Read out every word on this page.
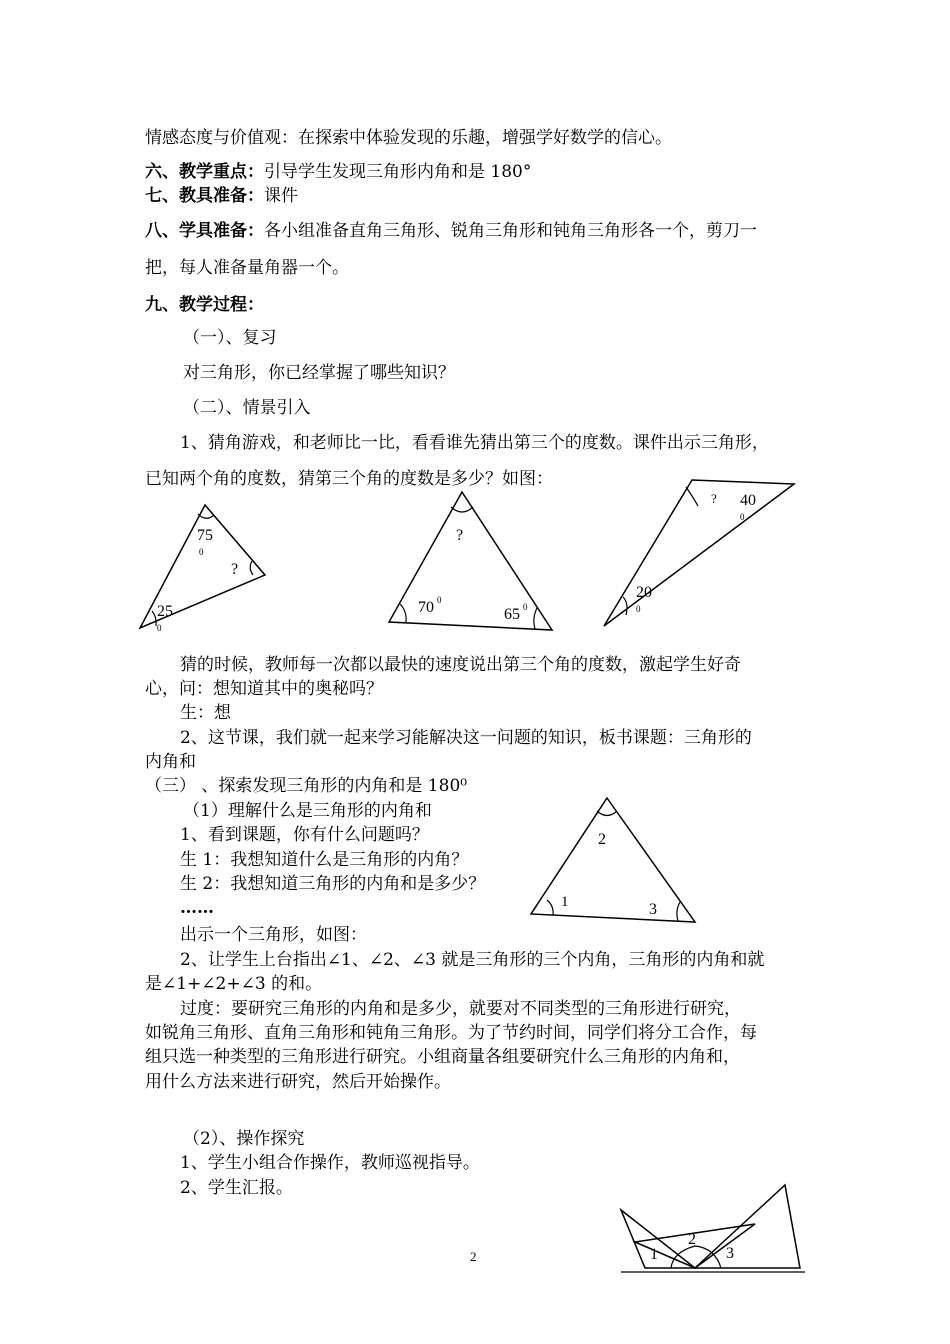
情感态度与价值观：在探索中体验发现的乐趣，增强学好数学的信心。
六、教学重点：引导学生发现三角形内角和是 180°
七、教具准备：课件
八、学具准备：各小组准备直角三角形、锐角三角形和钝角三角形各一个，剪刀一
把，每人准备量角器一个。
九、教学过程：
（一）、复习
对三角形，你已经掌握了哪些知识？
（二）、情景引入
1、猜角游戏，和老师比一比，看看谁先猜出第三个的度数。课件出示三角形，
已知两个角的度数，猜第三个角的度数是多少？如图：
75
0
?
25
0
?
70 0
65 0
? 40
0
20
0
猜的时候，教师每一次都以最快的速度说出第三个角的度数，激起学生好奇
心，问：想知道其中的奥秘吗？
生：想
2、这节课，我们就一起来学习能解决这一问题的知识，板书课题：三角形的
内角和
（三） 、探索发现三角形的内角和是 180⁰
（1）理解什么是三角形的内角和
1、看到课题，你有什么问题吗？
生 1：我想知道什么是三角形的内角？
生 2：我想知道三角形的内角和是多少？
……
2
1	3
出示一个三角形，如图：
2、让学生上台指出∠1、∠2、∠3 就是三角形的三个内角，三角形的内角和就
是∠1+∠2+∠3 的和。
过度：要研究三角形的内角和是多少，就要对不同类型的三角形进行研究，
如锐角三角形、直角三角形和钝角三角形。为了节约时间，同学们将分工合作，每
组只选一种类型的三角形进行研究。小组商量各组要研究什么三角形的内角和，
用什么方法来进行研究，然后开始操作。
（2）、操作探究
1、学生小组合作操作，教师巡视指导。
2、学生汇报。
1
2
3
2
